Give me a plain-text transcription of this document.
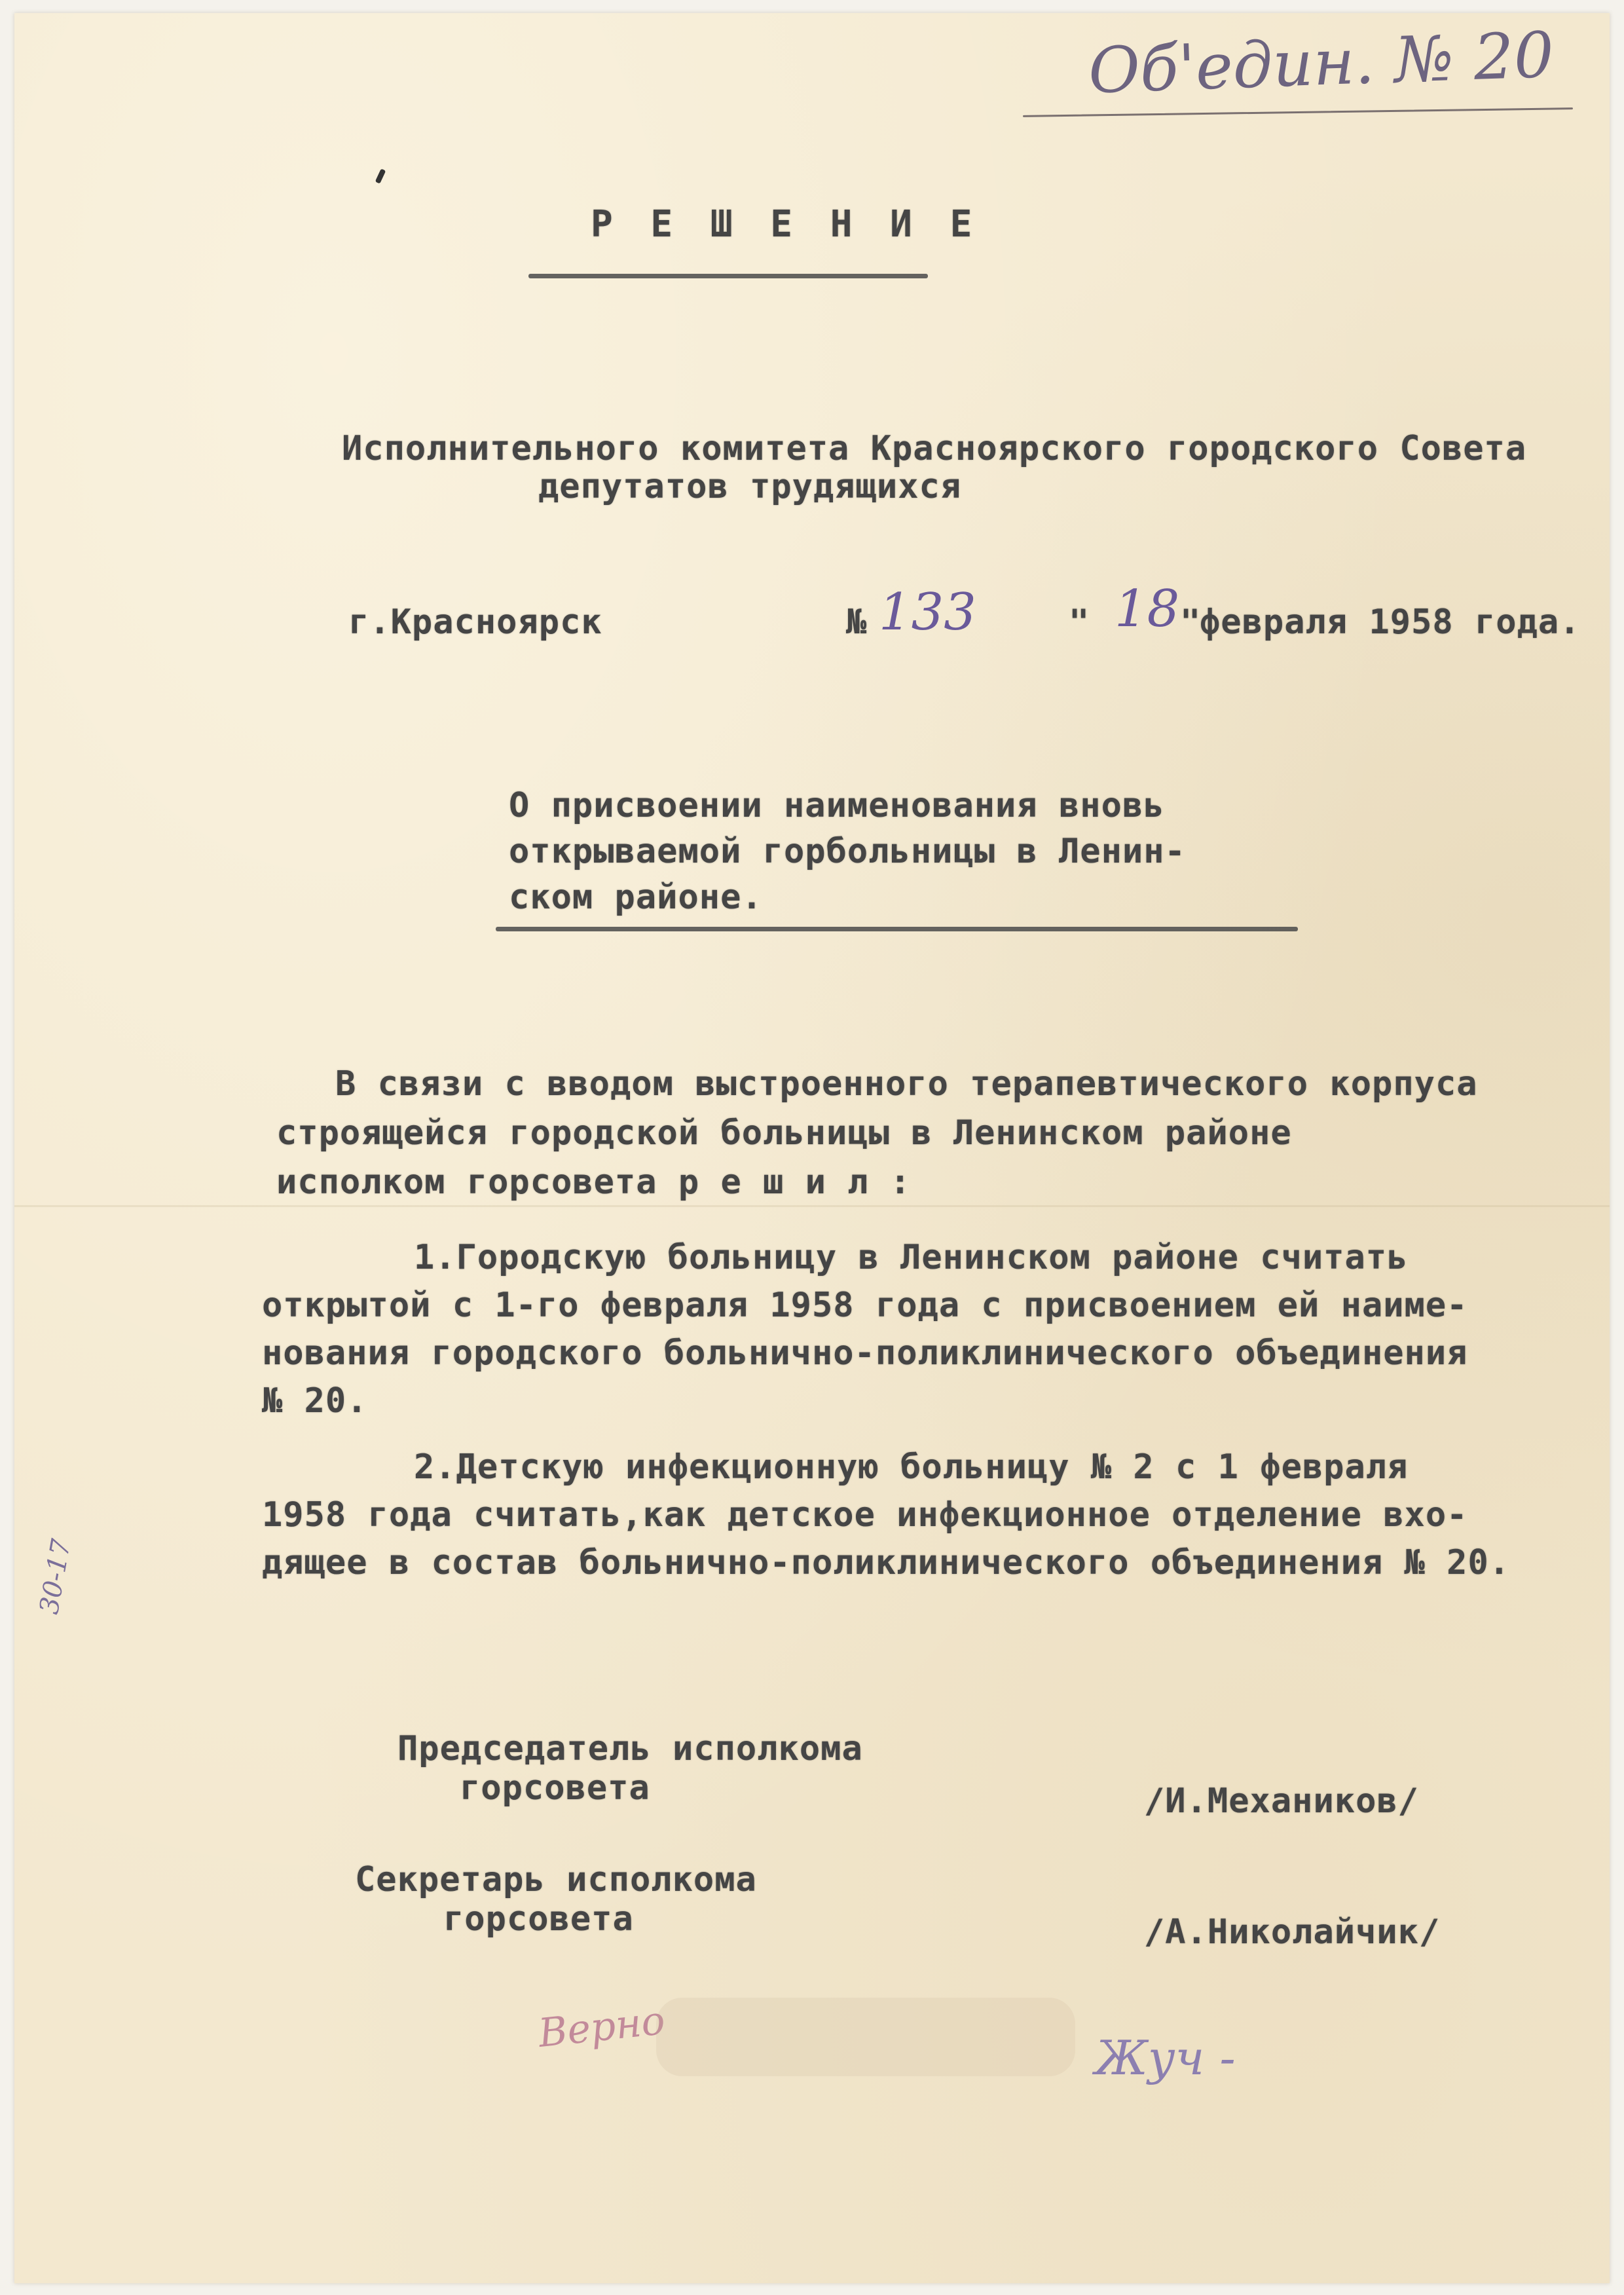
Об'един. № 20
Р Е Ш Е Н И Е
Исполнительного комитета Красноярского городского Совета
депутатов трудящихся
г.Красноярск	№ 133	" 18 "
февраля 1958 года.
О присвоении наименования вновь
открываемой горбольницы в Ленин-
ском районе.
В связи с вводом выстроенного терапевтического корпуса
строящейся городской больницы в Ленинском районе
исполком горсовета р е ш и л :
1.Городскую больницу в Ленинском районе считать
открытой с 1-го февраля 1958 года с присвоением ей наиме-
нования городского больнично-поликлинического объединения
№ 20.
2.Детскую инфекционную больницу № 2 с 1 февраля
1958 года считать,как детское инфекционное отделение вхо-
дящее в состав больнично-поликлинического объединения № 20.
30-17
Председатель исполкома
горсовета	/И.Механиков/
Секретарь исполкома
горсовета	/А.Николайчик/
Верно
Жуч -
